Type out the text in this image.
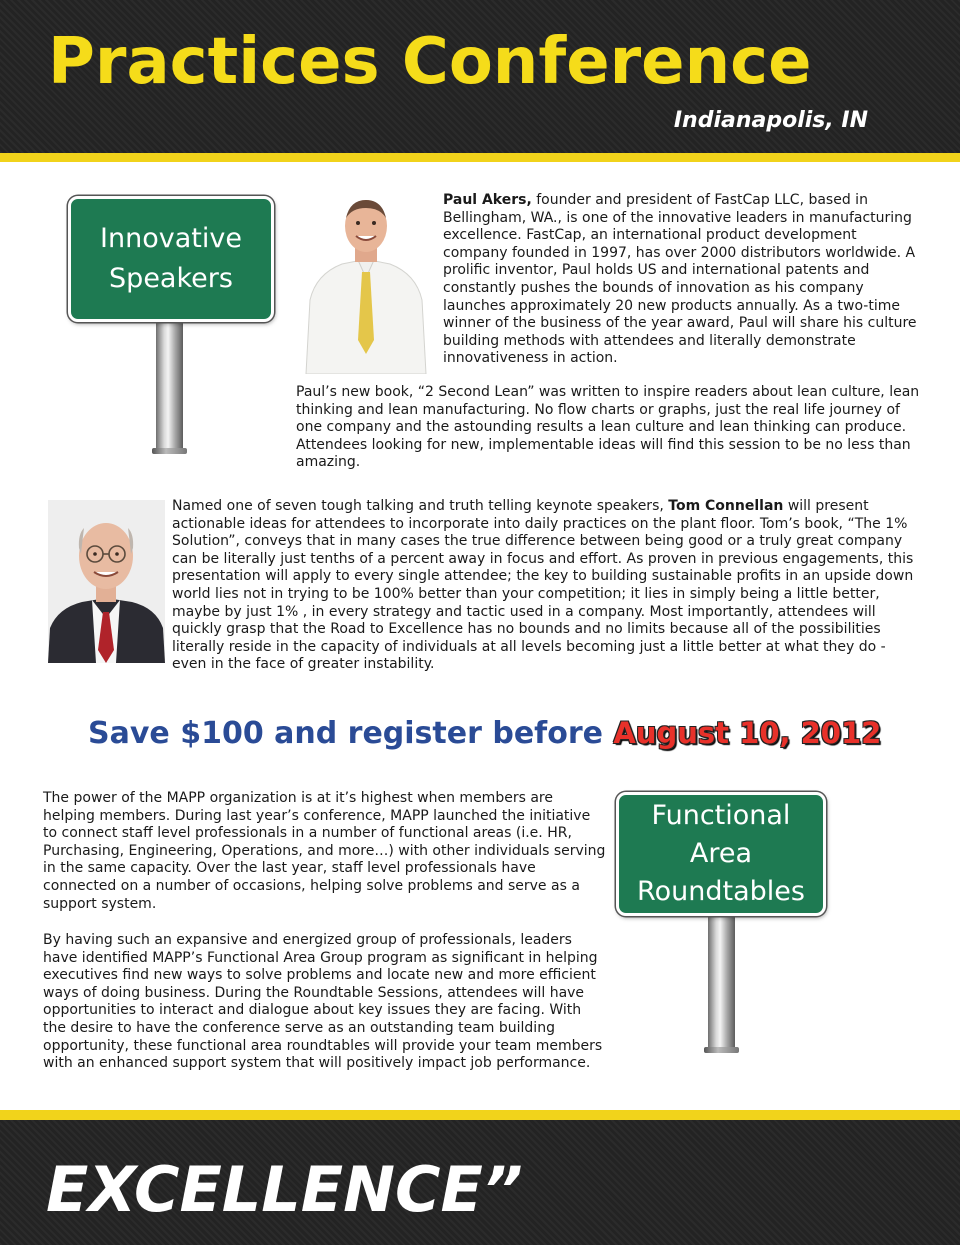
Practices Conference
Indianapolis, IN
Innovative
Speakers

Paul Akers, founder and president of FastCap LLC, based in Bellingham, WA., is one of the innovative leaders in manufacturing excellence. FastCap, an international product development company founded in 1997, has over 2000 distributors worldwide. A prolific inventor, Paul holds US and international patents and constantly pushes the bounds of innovation as his company launches approximately 20 new products annually. As a two-time winner of the business of the year award, Paul will share his culture building methods with attendees and literally demonstrate innovativeness in action.

Paul’s new book, “2 Second Lean” was written to inspire readers about lean culture, lean thinking and lean manufacturing. No flow charts or graphs, just the real life journey of one company and the astounding results a lean culture and lean thinking can produce. Attendees looking for new, implementable ideas will find this session to be no less than amazing.

Named one of seven tough talking and truth telling keynote speakers, Tom Connellan will present actionable ideas for attendees to incorporate into daily practices on the plant floor. Tom’s book, “The 1% Solution”, conveys that in many cases the true difference between being good or a truly great company can be literally just tenths of a percent away in focus and effort. As proven in previous engagements, this presentation will apply to every single attendee; the key to building sustainable profits in an upside down world lies not in trying to be 100% better than your competition; it lies in simply being a little better, maybe by just 1% , in every strategy and tactic used in a company. Most importantly, attendees will quickly grasp that the Road to Excellence has no bounds and no limits because all of the possibilities literally reside in the capacity of individuals at all levels becoming just a little better at what they do - even in the face of greater instability.

Save $100 and register before August 10, 2012

The power of the MAPP organization is at it’s highest when members are helping members. During last year’s conference, MAPP launched the initiative to connect staff level professionals in a number of functional areas (i.e. HR, Purchasing, Engineering, Operations, and more…) with other individuals serving in the same capacity. Over the last year, staff level professionals have connected on a number of occasions, helping solve problems and serve as a support system.

By having such an expansive and energized group of professionals, leaders have identified MAPP’s Functional Area Group program as significant in helping executives find new ways to solve problems and locate new and more efficient ways of doing business. During the Roundtable Sessions, attendees will have opportunities to interact and dialogue about key issues they are facing. With the desire to have the conference serve as an outstanding team building opportunity, these functional area roundtables will provide your team members with an enhanced support system that will positively impact job performance.

Functional
Area
Roundtables
EXCELLENCE”
